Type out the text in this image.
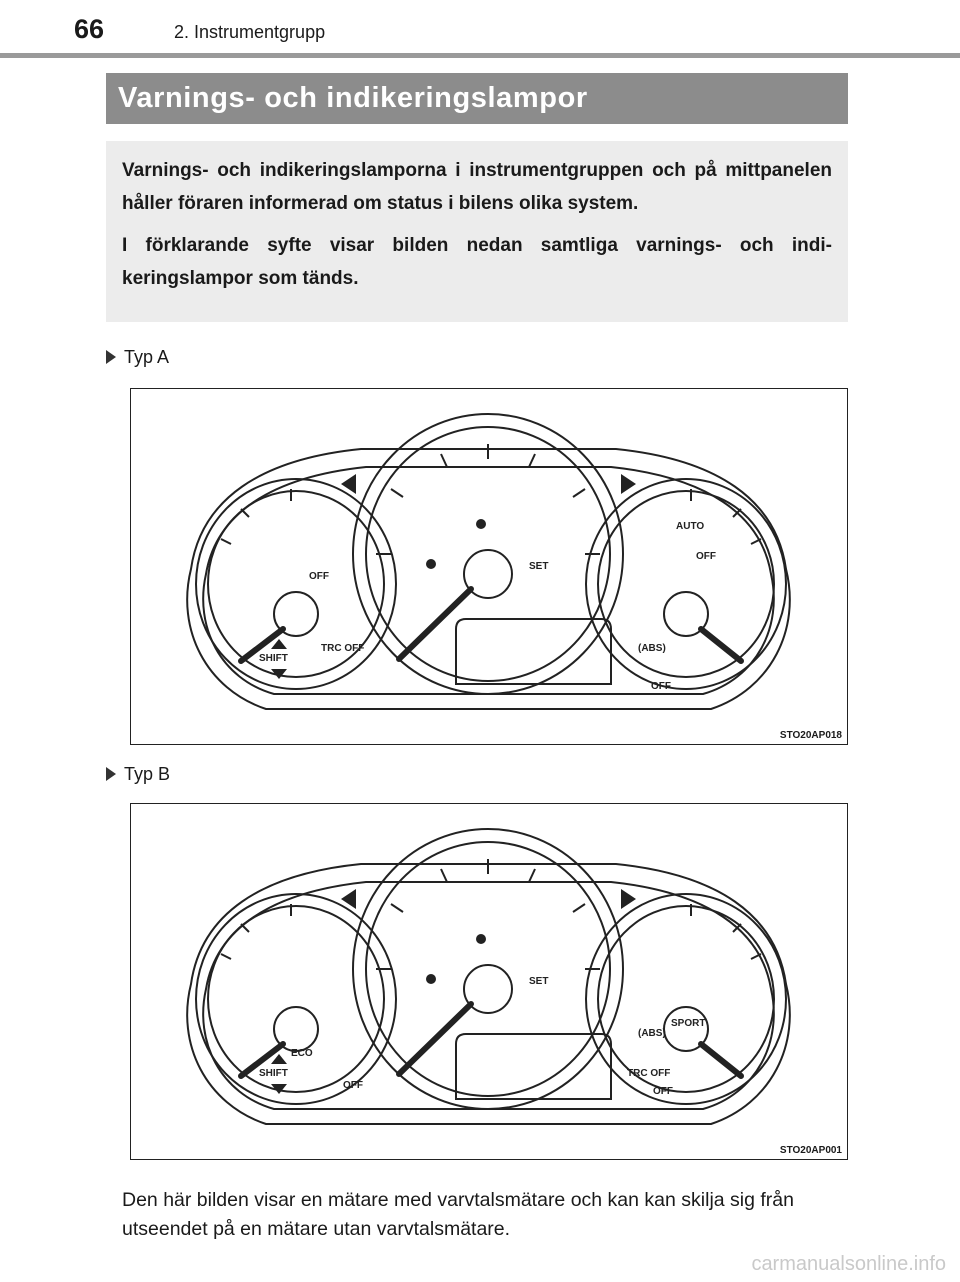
66	2. Instrumentgrupp
Varnings- och indikeringslampor

Varnings- och indikeringslamporna i instrumentgruppen och på mittpanelen håller föraren informerad om status i bilens olika system.

I förklarande syfte visar bilden nedan samtliga varnings- och indi-keringslampor som tänds.

Typ A
SHIFT
TRC OFF
SET
AUTO
OFF
OFF
OFF
(ABS)
STO20AP018
Typ B
SHIFT
ECO
OFF
SET
SPORT
TRC OFF
OFF
(ABS)
STO20AP001
Den här bilden visar en mätare med varvtalsmätare och kan kan skilja sig från utseendet på en mätare utan varvtalsmätare.
carmanualsonline.info
